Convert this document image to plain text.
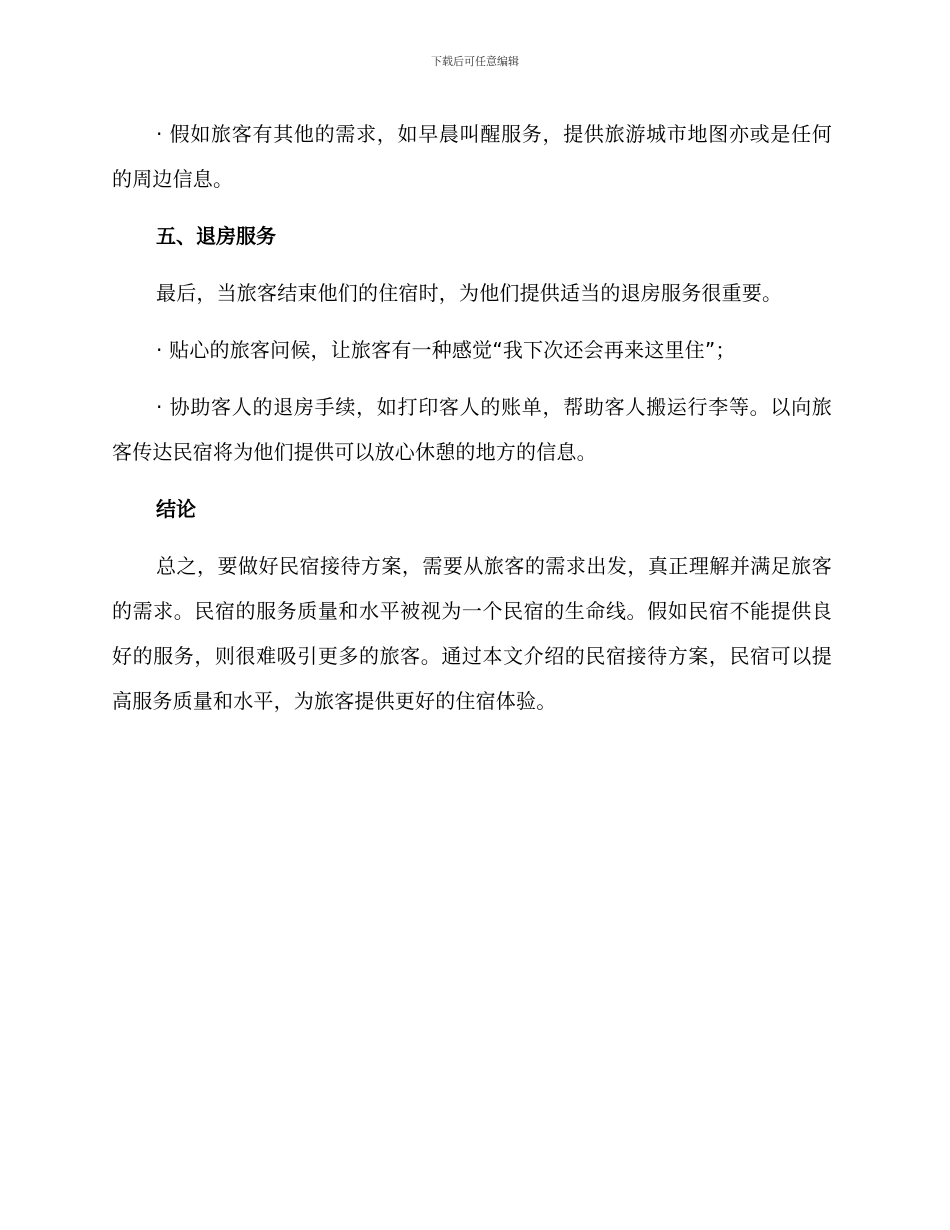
下载后可任意编辑

· 假如旅客有其他的需求，如早晨叫醒服务，提供旅游城市地图亦或是任何的周边信息。

五、退房服务

最后，当旅客结束他们的住宿时，为他们提供适当的退房服务很重要。

· 贴心的旅客问候，让旅客有一种感觉“我下次还会再来这里住”；

· 协助客人的退房手续，如打印客人的账单，帮助客人搬运行李等。以向旅客传达民宿将为他们提供可以放心休憩的地方的信息。

结论

总之，要做好民宿接待方案，需要从旅客的需求出发，真正理解并满足旅客的需求。民宿的服务质量和水平被视为一个民宿的生命线。假如民宿不能提供良好的服务，则很难吸引更多的旅客。通过本文介绍的民宿接待方案，民宿可以提高服务质量和水平，为旅客提供更好的住宿体验。
